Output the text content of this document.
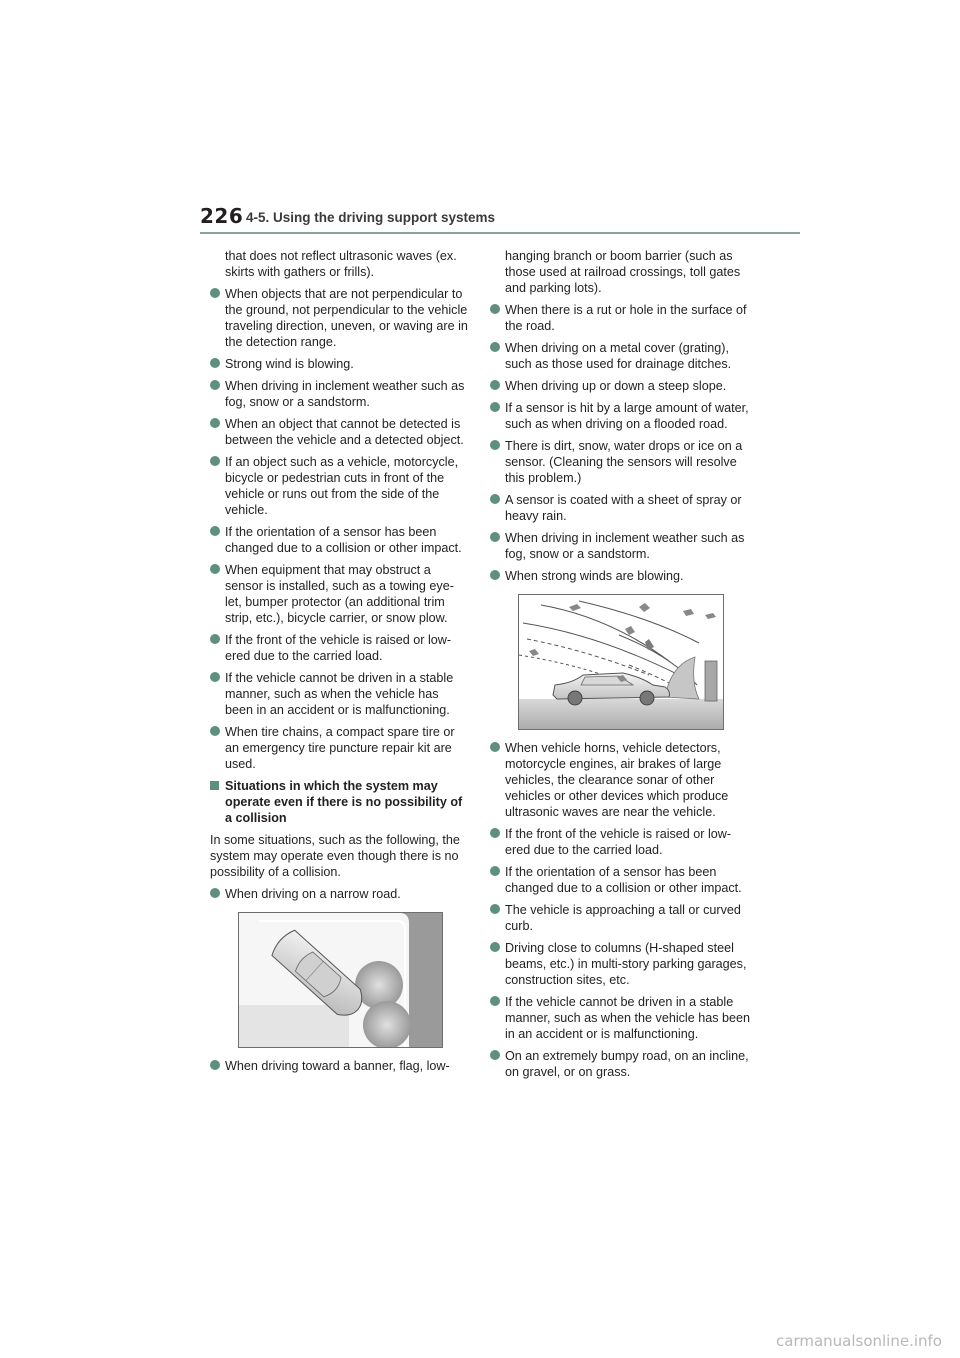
226 4-5. Using the driving support systems
that does not reflect ultrasonic waves (ex. skirts with gathers or frills).
When objects that are not perpendicular to the ground, not perpendicular to the vehicle traveling direction, uneven, or waving are in the detection range.
Strong wind is blowing.
When driving in inclement weather such as fog, snow or a sandstorm.
When an object that cannot be detected is between the vehicle and a detected object.
If an object such as a vehicle, motorcycle, bicycle or pedestrian cuts in front of the vehicle or runs out from the side of the vehicle.
If the orientation of a sensor has been changed due to a collision or other impact.
When equipment that may obstruct a sensor is installed, such as a towing eye-let, bumper protector (an additional trim strip, etc.), bicycle carrier, or snow plow.
If the front of the vehicle is raised or low-ered due to the carried load.
If the vehicle cannot be driven in a stable manner, such as when the vehicle has been in an accident or is malfunctioning.
When tire chains, a compact spare tire or an emergency tire puncture repair kit are used.
Situations in which the system may operate even if there is no possibility of a collision
In some situations, such as the following, the system may operate even though there is no possibility of a collision.
When driving on a narrow road.
When driving toward a banner, flag, low-
hanging branch or boom barrier (such as those used at railroad crossings, toll gates and parking lots).
When there is a rut or hole in the surface of the road.
When driving on a metal cover (grating), such as those used for drainage ditches.
When driving up or down a steep slope.
If a sensor is hit by a large amount of water, such as when driving on a flooded road.
There is dirt, snow, water drops or ice on a sensor. (Cleaning the sensors will resolve this problem.)
A sensor is coated with a sheet of spray or heavy rain.
When driving in inclement weather such as fog, snow or a sandstorm.
When strong winds are blowing.
When vehicle horns, vehicle detectors, motorcycle engines, air brakes of large vehicles, the clearance sonar of other vehicles or other devices which produce ultrasonic waves are near the vehicle.
If the front of the vehicle is raised or low-ered due to the carried load.
If the orientation of a sensor has been changed due to a collision or other impact.
The vehicle is approaching a tall or curved curb.
Driving close to columns (H-shaped steel beams, etc.) in multi-story parking garages, construction sites, etc.
If the vehicle cannot be driven in a stable manner, such as when the vehicle has been in an accident or is malfunctioning.
On an extremely bumpy road, on an incline, on gravel, or on grass.
carmanualsonline.info
